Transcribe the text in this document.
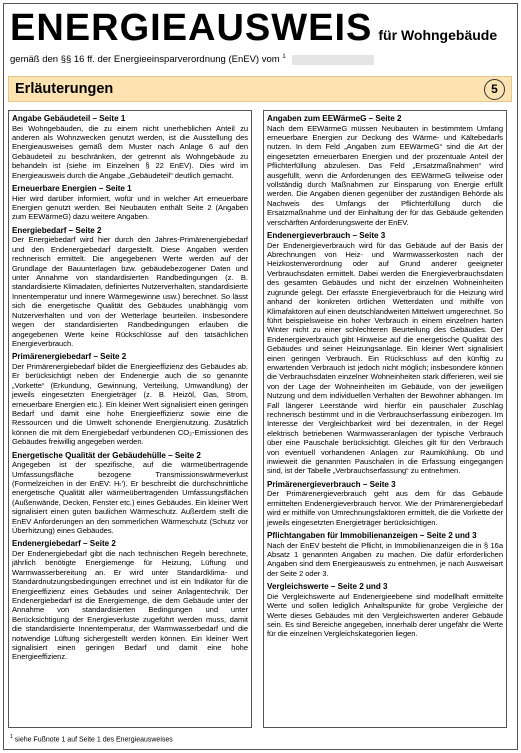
ENERGIEAUSWEIS für Wohngebäude
gemäß den §§ 16 ff. der Energieeinsparverordnung (EnEV) vom $^1$
Erläuterungen	5
Angabe Gebäudeteil – Seite 1
Bei Wohngebäuden, die zu einem nicht unerheblichen Anteil zu anderen als Wohnzwecken genutzt werden, ist die Ausstellung des Energieausweises gemäß dem Muster nach Anlage 6 auf den Gebäudeteil zu beschränken, der getrennt als Wohngebäude zu behandeln ist (siehe im Einzelnen § 22 EnEV). Dies wird im Energieausweis durch die Angabe „Gebäudeteil“ deutlich gemacht.
Erneuerbare Energien – Seite 1
Hier wird darüber informiert, wofür und in welcher Art erneuerbare Energien genutzt werden. Bei Neubauten enthält Seite 2 (Angaben zum EEWärmeG) dazu weitere Angaben.
Energiebedarf – Seite 2
Der Energiebedarf wird hier durch den Jahres-Primärenergiebedarf und den Endenergiebedarf dargestellt. Diese Angaben werden rechnerisch ermittelt. Die angegebenen Werte werden auf der Grundlage der Bauunterlagen bzw. gebäudebezogener Daten und unter Annahme von standardisierten Randbedingungen (z. B. standardisierte Klimadaten, definiertes Nutzerverhalten, standardisierte Innentemperatur und innere Wärmegewinne usw.) berechnet. So lässt sich die energetische Qualität des Gebäudes unabhängig vom Nutzerverhalten und von der Wetterlage beurteilen. Insbesondere wegen der standardisierten Randbedingungen erlauben die angegebenen Werte keine Rückschlüsse auf den tatsächlichen Energieverbrauch.
Primärenergiebedarf – Seite 2
Der Primärenergiebedarf bildet die Energieeffizienz des Gebäudes ab. Er berücksichtigt neben der Endenergie auch die so genannte „Vorkette“ (Erkundung, Gewinnung, Verteilung, Umwandlung) der jeweils eingesetzten Energieträger (z. B. Heizöl, Gas, Strom, erneuerbare Energien etc.). Ein kleiner Wert signalisiert einen geringen Bedarf und damit eine hohe Energieeffizienz sowie eine die Ressourcen und die Umwelt schonende Energienutzung. Zusätzlich können die mit dem Energiebedarf verbundenen CO₂-Emissionen des Gebäudes freiwillig angegeben werden.
Energetische Qualität der Gebäudehülle – Seite 2
Angegeben ist der spezifische, auf die wärmeübertragende Umfassungsfläche bezogene Transmissionswärmeverlust (Formelzeichen in der EnEV: Hₜ′). Er beschreibt die durchschnittliche energetische Qualität aller wärmeübertragenden Umfassungsflächen (Außenwände, Decken, Fenster etc.) eines Gebäudes. Ein kleiner Wert signalisiert einen guten baulichen Wärmeschutz. Außerdem stellt die EnEV Anforderungen an den sommerlichen Wärmeschutz (Schutz vor Überhitzung) eines Gebäudes.
Endenergiebedarf – Seite 2
Der Endenergiebedarf gibt die nach technischen Regeln berechnete, jährlich benötigte Energiemenge für Heizung, Lüftung und Warmwasserbereitung an. Er wird unter Standardklima- und Standardnutzungsbedingungen errechnet und ist ein Indikator für die Energieeffizienz eines Gebäudes und seiner Anlagentechnik. Der Endenergiebedarf ist die Energiemenge, die dem Gebäude unter der Annahme von standardisierten Bedingungen und unter Berücksichtigung der Energieverluste zugeführt werden muss, damit die standardisierte Innentemperatur, der Warmwasserbedarf und die notwendige Lüftung sichergestellt werden können. Ein kleiner Wert signalisiert einen geringen Bedarf und damit eine hohe Energieeffizienz.
Angaben zum EEWärmeG – Seite 2
Nach dem EEWärmeG müssen Neubauten in bestimmtem Umfang erneuerbare Energien zur Deckung des Wärme- und Kältebedarfs nutzen. In dem Feld „Angaben zum EEWärmeG“ sind die Art der eingesetzten erneuerbaren Energien und der prozentuale Anteil der Pflichterfüllung abzulesen. Das Feld „Ersatzmaßnahmen“ wird ausgefüllt, wenn die Anforderungen des EEWärmeG teilweise oder vollständig durch Maßnahmen zur Einsparung von Energie erfüllt werden. Die Angaben dienen gegenüber der zuständigen Behörde als Nachweis des Umfangs der Pflichterfüllung durch die Ersatzmaßnahme und der Einhaltung der für das Gebäude geltenden verschärften Anforderungswerte der EnEV.
Endenergieverbrauch – Seite 3
Der Endenergieverbrauch wird für das Gebäude auf der Basis der Abrechnungen von Heiz- und Warmwasserkosten nach der Heizkostenverordnung oder auf Grund anderer geeigneter Verbrauchsdaten ermittelt. Dabei werden die Energieverbrauchsdaten des gesamten Gebäudes und nicht der einzelnen Wohneinheiten zugrunde gelegt. Der erfasste Energieverbrauch für die Heizung wird anhand der konkreten örtlichen Wetterdaten und mithilfe von Klimafaktoren auf einen deutschlandweiten Mittelwert umgerechnet. So führt beispielsweise ein hoher Verbrauch in einem einzelnen harten Winter nicht zu einer schlechteren Beurteilung des Gebäudes. Der Endenergieverbrauch gibt Hinweise auf die energetische Qualität des Gebäudes und seiner Heizungsanlage. Ein kleiner Wert signalisiert einen geringen Verbrauch. Ein Rückschluss auf den künftig zu erwartenden Verbrauch ist jedoch nicht möglich; insbesondere können die Verbrauchsdaten einzelner Wohneinheiten stark differieren, weil sie von der Lage der Wohneinheiten im Gebäude, von der jeweiligen Nutzung und dem individuellen Verhalten der Bewohner abhängen. Im Fall längerer Leerstände wird hierfür ein pauschaler Zuschlag rechnerisch bestimmt und in die Verbrauchserfassung einbezogen. Im Interesse der Vergleichbarkeit wird bei dezentralen, in der Regel elektrisch betriebenen Warmwasseranlagen der typische Verbrauch über eine Pauschale berücksichtigt. Gleiches gilt für den Verbrauch von eventuell vorhandenen Anlagen zur Raumkühlung. Ob und inwieweit die genannten Pauschalen in die Erfassung eingegangen sind, ist der Tabelle „Verbrauchserfassung“ zu entnehmen.
Primärenergieverbrauch – Seite 3
Der Primärenergieverbrauch geht aus dem für das Gebäude ermittelten Endenergieverbrauch hervor. Wie der Primärenergiebedarf wird er mithilfe von Umrechnungsfaktoren ermittelt, die die Vorkette der jeweils eingesetzten Energieträger berücksichtigen.
Pflichtangaben für Immobilienanzeigen – Seite 2 und 3
Nach der EnEV besteht die Pflicht, in Immobilienanzeigen die in § 16a Absatz 1 genannten Angaben zu machen. Die dafür erforderlichen Angaben sind dem Energieausweis zu entnehmen, je nach Ausweisart der Seite 2 oder 3.
Vergleichswerte – Seite 2 und 3
Die Vergleichswerte auf Endenergieebene sind modellhaft ermittelte Werte und sollen lediglich Anhaltspunkte für grobe Vergleiche der Werte dieses Gebäudes mit den Vergleichswerten anderer Gebäude sein. Es sind Bereiche angegeben, innerhalb derer ungefähr die Werte für die einzelnen Vergleichskategorien liegen.
$^1$ siehe Fußnote 1 auf Seite 1 des Energieausweises
